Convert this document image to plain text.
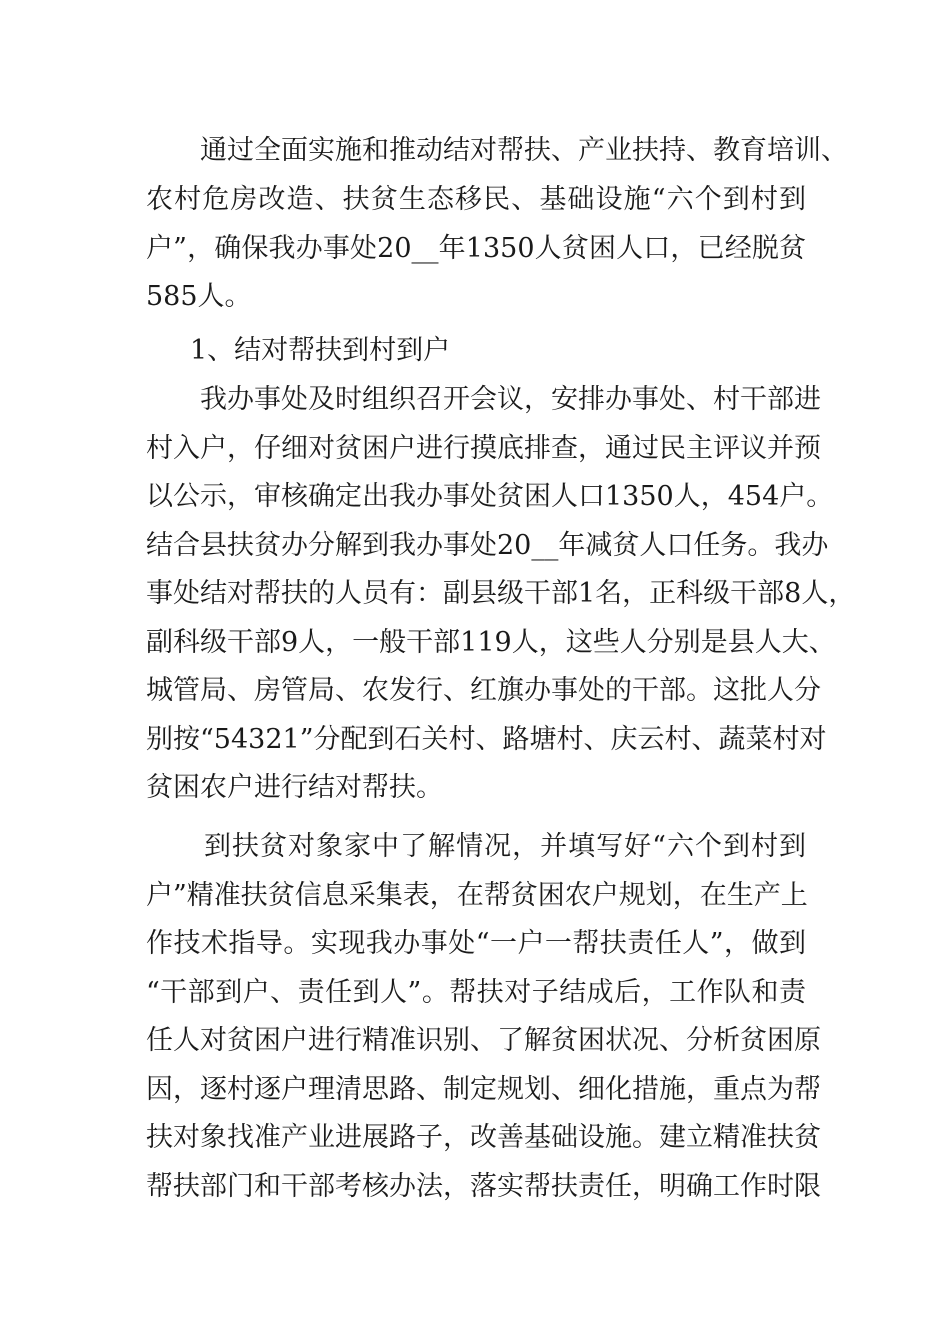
通过全面实施和推动结对帮扶、产业扶持、教育培训、
农村危房改造、扶贫生态移民、基础设施“六个到村到
户”，确保我办事处20__年1350人贫困人口，已经脱贫
585人。
1、结对帮扶到村到户
我办事处及时组织召开会议，安排办事处、村干部进
村入户，仔细对贫困户进行摸底排查，通过民主评议并预
以公示，审核确定出我办事处贫困人口1350人，454户。
结合县扶贫办分解到我办事处20__年减贫人口任务。我办
事处结对帮扶的人员有：副县级干部1名，正科级干部8人，
副科级干部9人，一般干部119人，这些人分别是县人大、
城管局、房管局、农发行、红旗办事处的干部。这批人分
别按“54321”分配到石关村、路塘村、庆云村、蔬菜村对
贫困农户进行结对帮扶。
到扶贫对象家中了解情况，并填写好“六个到村到
户”精准扶贫信息采集表，在帮贫困农户规划，在生产上
作技术指导。实现我办事处“一户一帮扶责任人”，做到
“干部到户、责任到人”。帮扶对子结成后，工作队和责
任人对贫困户进行精准识别、了解贫困状况、分析贫困原
因，逐村逐户理清思路、制定规划、细化措施，重点为帮
扶对象找准产业进展路子，改善基础设施。建立精准扶贫
帮扶部门和干部考核办法，落实帮扶责任，明确工作时限
